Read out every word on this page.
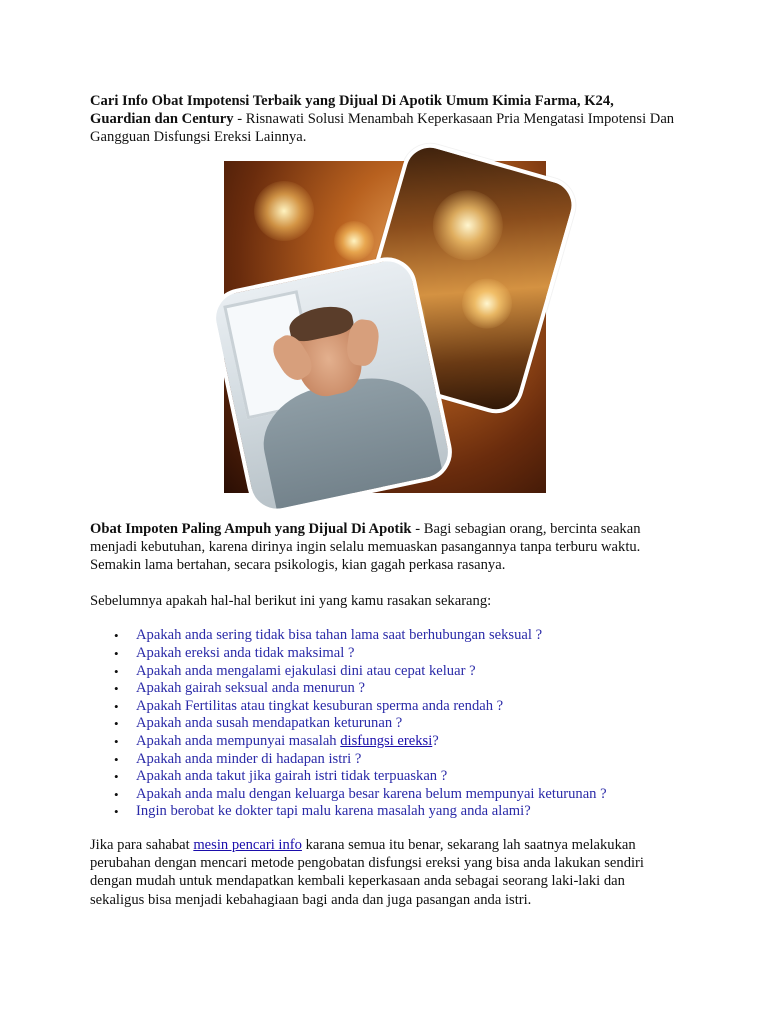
Cari Info Obat Impotensi Terbaik yang Dijual Di Apotik Umum Kimia Farma, K24, Guardian dan Century - Risnawati Solusi Menambah Keperkasaan Pria Mengatasi Impotensi Dan Gangguan Disfungsi Ereksi Lainnya.

Obat Impoten Paling Ampuh yang Dijual Di Apotik - Bagi sebagian orang, bercinta seakan menjadi kebutuhan, karena dirinya ingin selalu memuaskan pasangannya tanpa terburu waktu. Semakin lama bertahan, secara psikologis, kian gagah perkasa rasanya.

Sebelumnya apakah hal-hal berikut ini yang kamu rasakan sekarang:

• Apakah anda sering tidak bisa tahan lama saat berhubungan seksual ?
• Apakah ereksi anda tidak maksimal ?
• Apakah anda mengalami ejakulasi dini atau cepat keluar ?
• Apakah gairah seksual anda menurun ?
• Apakah Fertilitas atau tingkat kesuburan sperma anda rendah ?
• Apakah anda susah mendapatkan keturunan ?
• Apakah anda mempunyai masalah disfungsi ereksi?
• Apakah anda minder di hadapan istri ?
• Apakah anda takut jika gairah istri tidak terpuaskan ?
• Apakah anda malu dengan keluarga besar karena belum mempunyai keturunan ?
• Ingin berobat ke dokter tapi malu karena masalah yang anda alami?

Jika para sahabat mesin pencari info karana semua itu benar, sekarang lah saatnya melakukan perubahan dengan mencari metode pengobatan disfungsi ereksi yang bisa anda lakukan sendiri dengan mudah untuk mendapatkan kembali keperkasaan anda sebagai seorang laki-laki dan sekaligus bisa menjadi kebahagiaan bagi anda dan juga pasangan anda istri.
